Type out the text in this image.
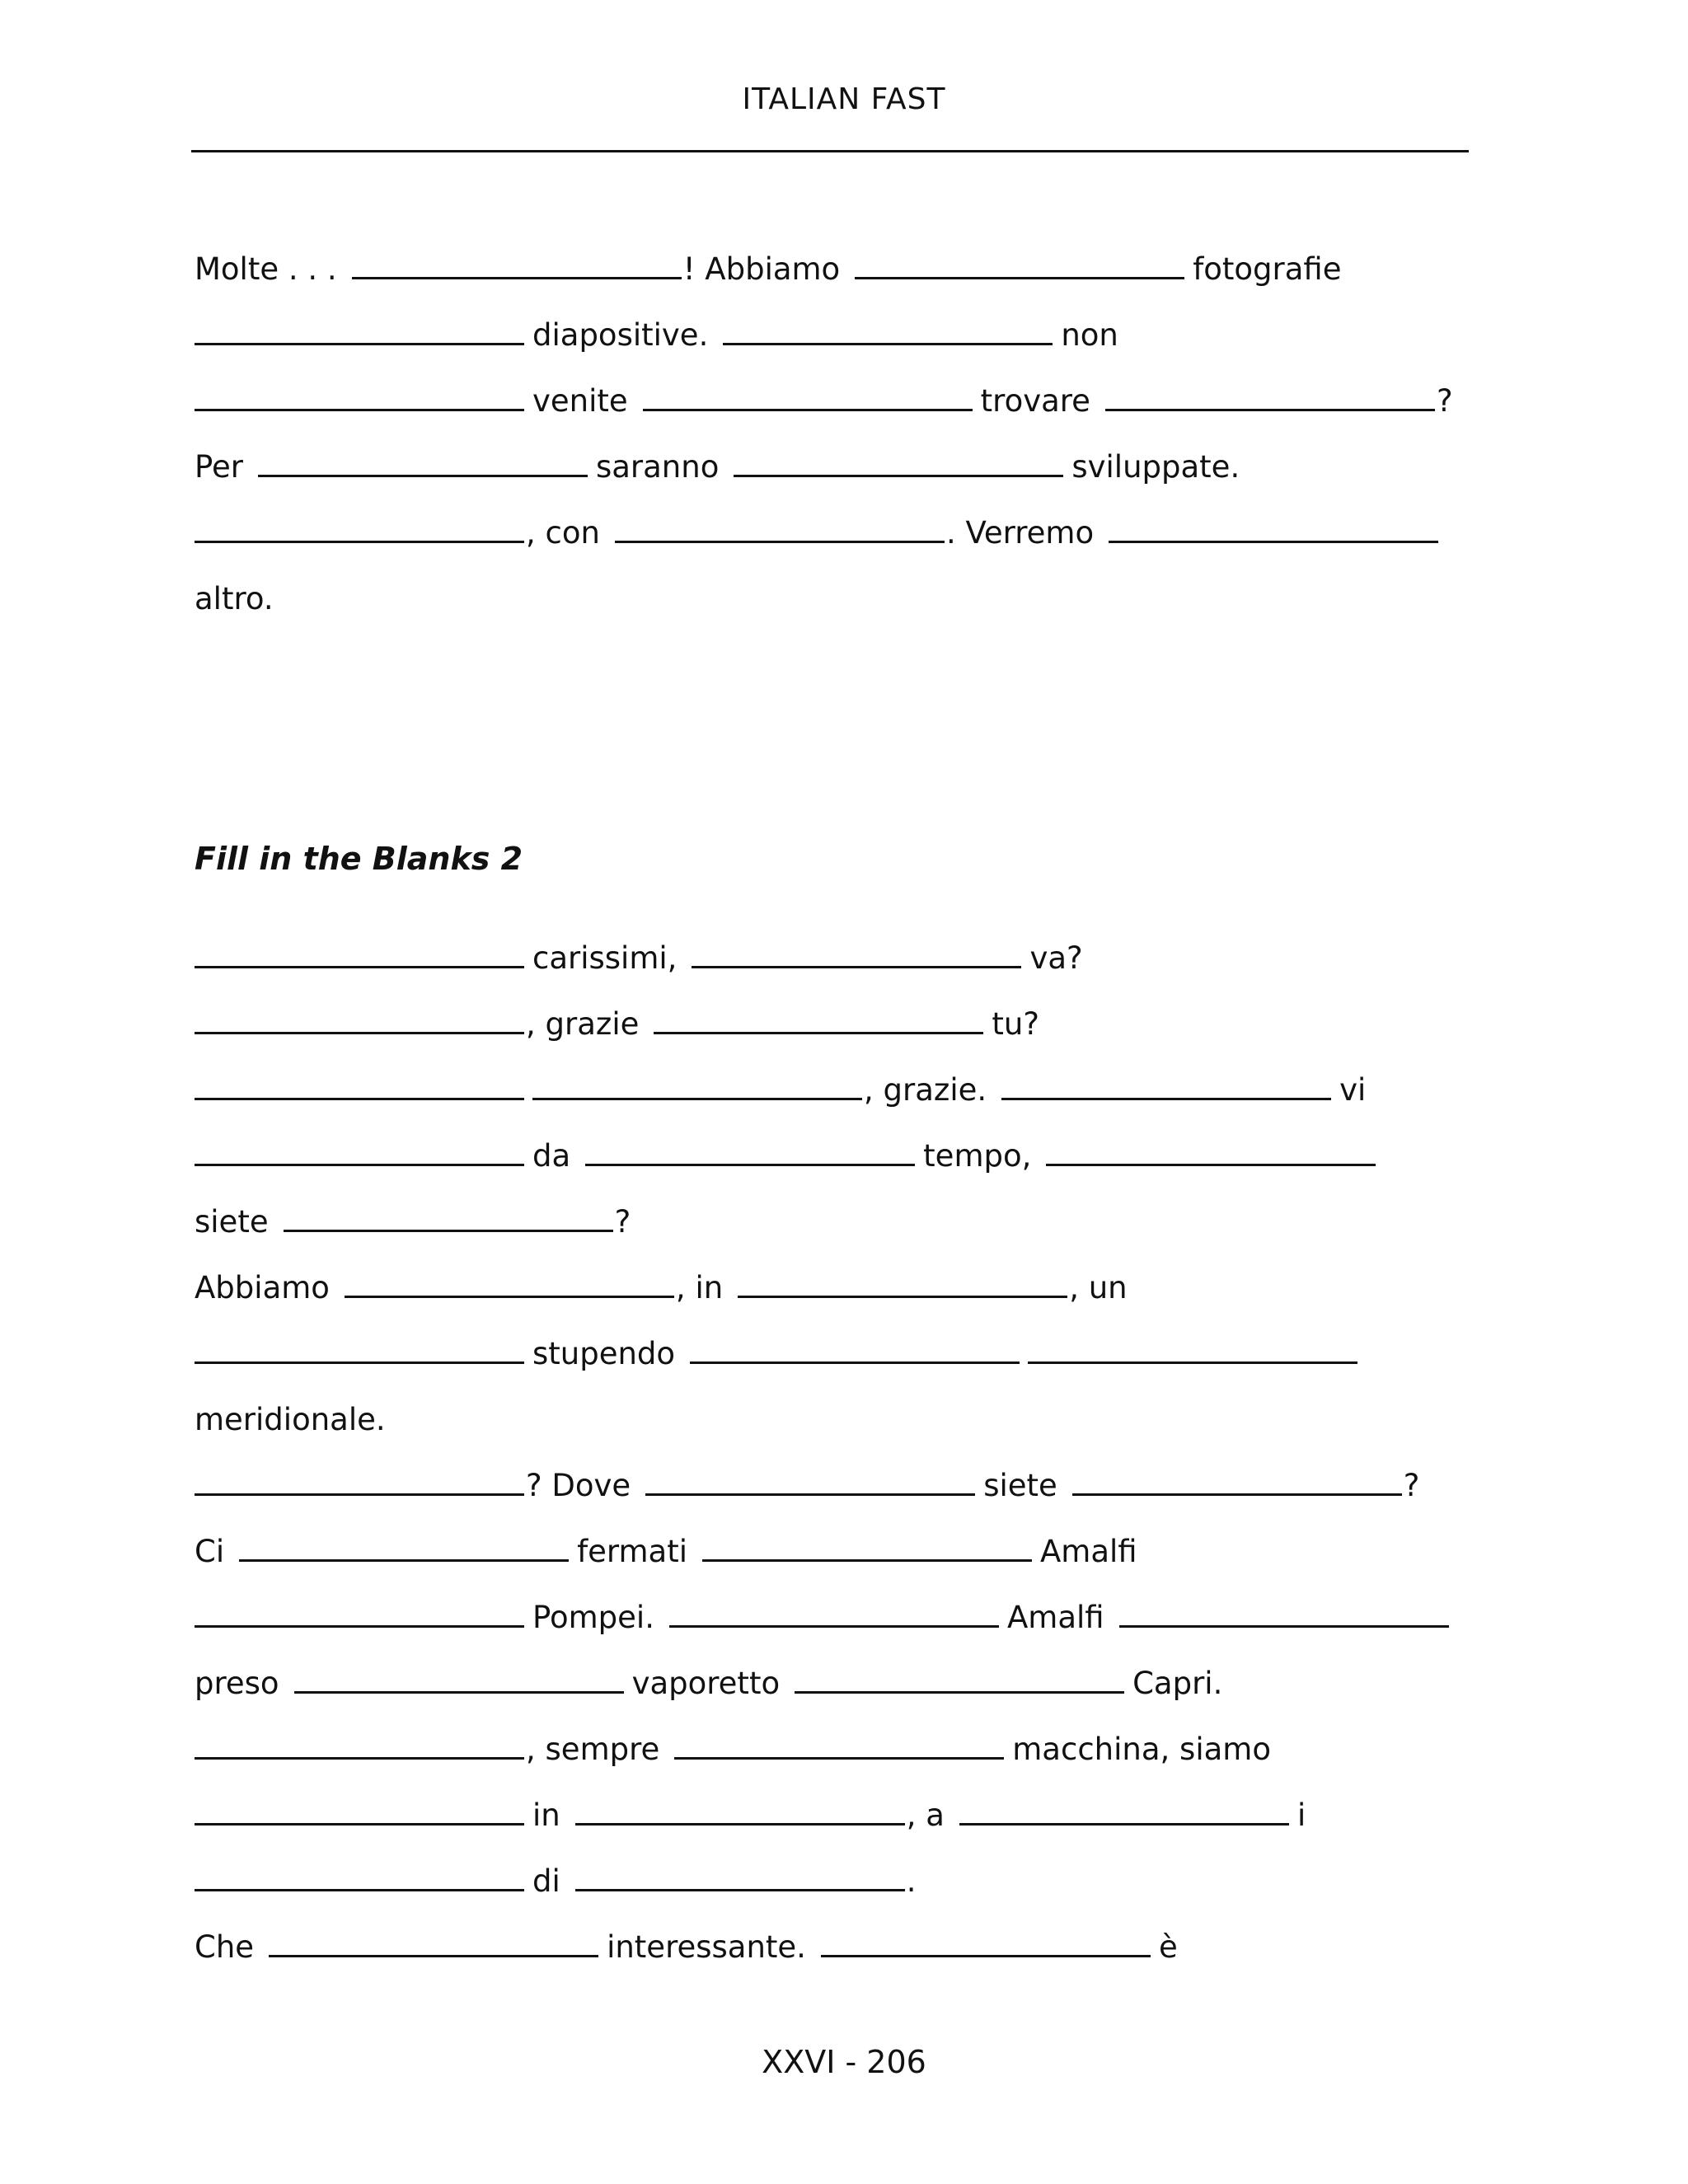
ITALIAN FAST
Molte . . .	! Abbiamo	fotografie
diapositive.	non
venite	trovare	?
Per	saranno	sviluppate.
, con	. Verremo
altro.
Fill in the Blanks 2
carissimi,	va?
, grazie	tu?
, grazie.	vi
da	tempo,
siete	?
Abbiamo	, in	, un
stupendo
meridionale.
? Dove	siete	?
Ci	fermati	Amalfi
Pompei.	Amalfi
preso	vaporetto	Capri.
, sempre	macchina, siamo
in	, a	i
di	.
Che	interessante.	è
XXVI - 206
